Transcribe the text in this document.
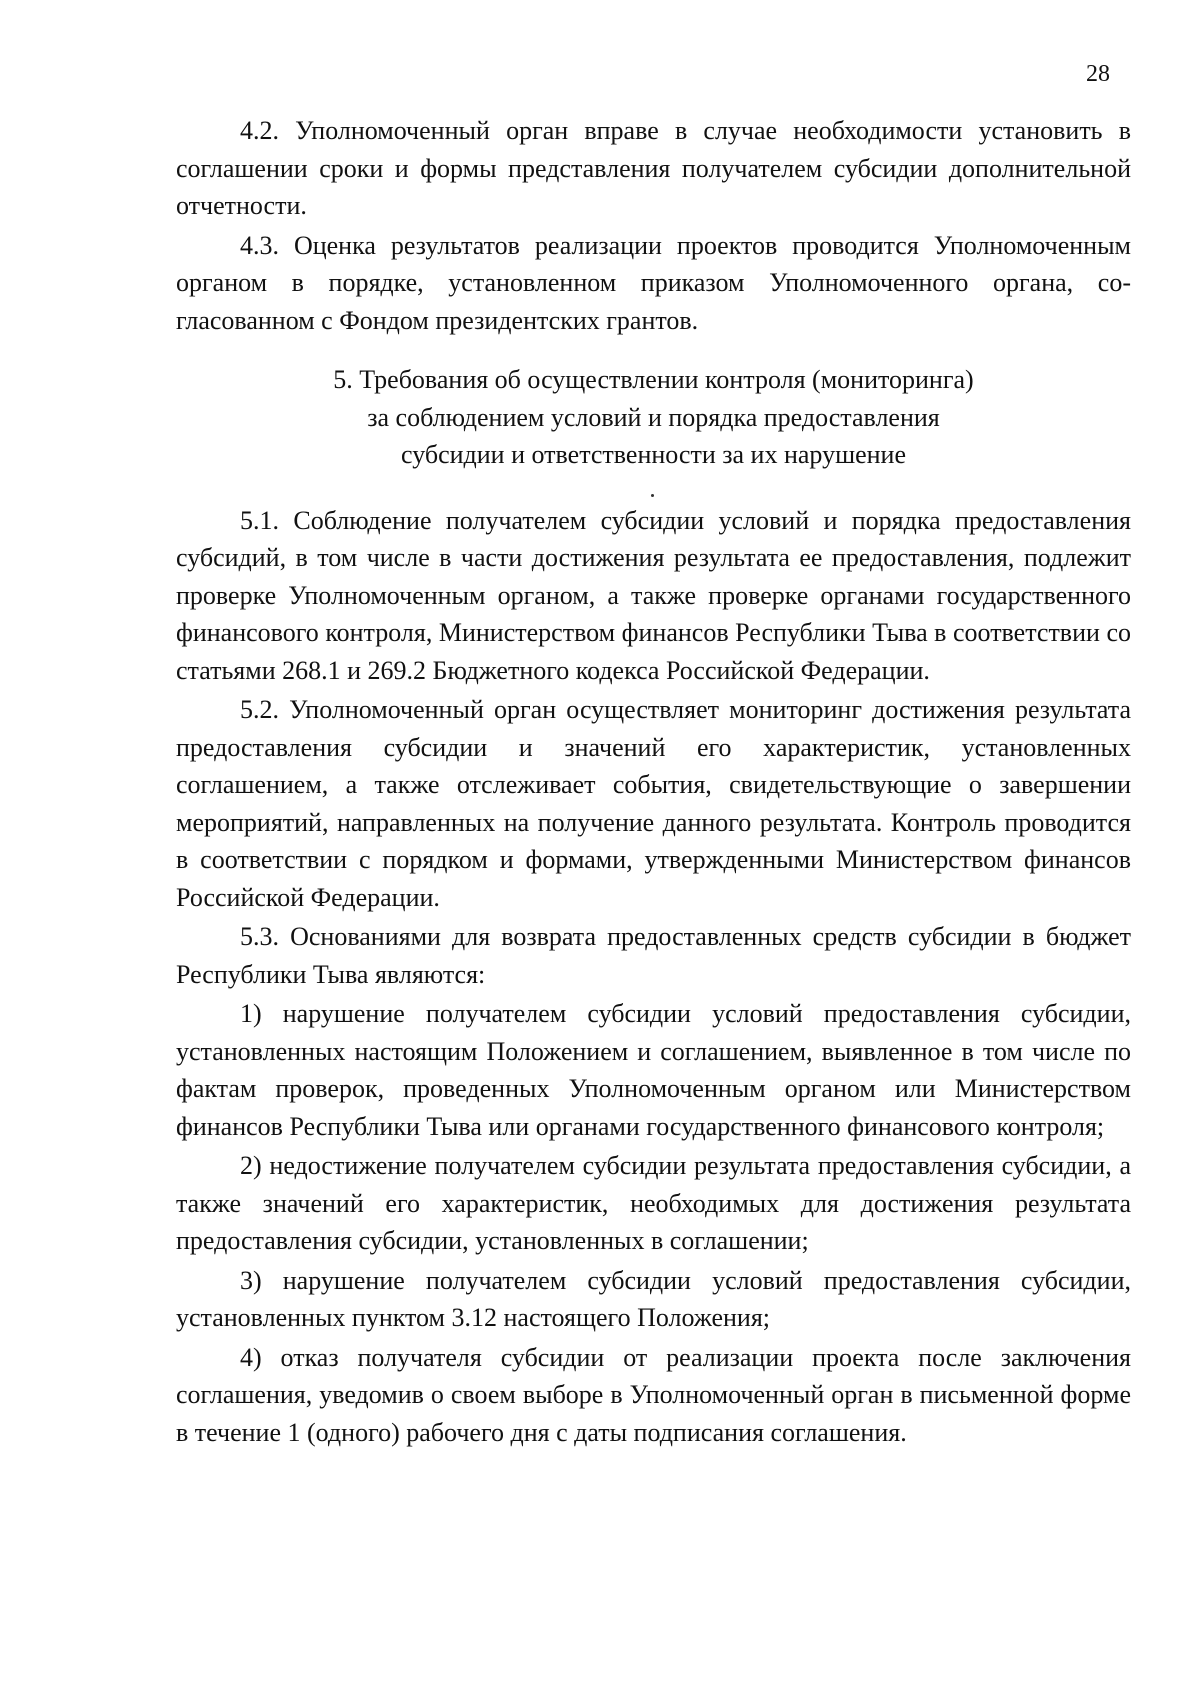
28

4.2. Уполномоченный орган вправе в случае необходимости установить в соглашении сроки и формы представления получателем субсидии дополнительной отчетности.

4.3. Оценка результатов реализации проектов проводится Уполномоченным органом в порядке, установленном приказом Уполномоченного органа, согласованном с Фондом президентских грантов.

5. Требования об осуществлении контроля (мониторинга)
за соблюдением условий и порядка предоставления
субсидии и ответственности за их нарушение

5.1. Соблюдение получателем субсидии условий и порядка предоставления субсидий, в том числе в части достижения результата ее предоставления, подлежит проверке Уполномоченным органом, а также проверке органами государственного финансового контроля, Министерством финансов Республики Тыва в соответствии со статьями 268.1 и 269.2 Бюджетного кодекса Российской Федерации.

5.2. Уполномоченный орган осуществляет мониторинг достижения результата предоставления субсидии и значений его характеристик, установленных соглашением, а также отслеживает события, свидетельствующие о завершении мероприятий, направленных на получение данного результата. Контроль проводится в соответствии с порядком и формами, утвержденными Министерством финансов Российской Федерации.

5.3. Основаниями для возврата предоставленных средств субсидии в бюджет Республики Тыва являются:

1) нарушение получателем субсидии условий предоставления субсидии, установленных настоящим Положением и соглашением, выявленное в том числе по фактам проверок, проведенных Уполномоченным органом или Министерством финансов Республики Тыва или органами государственного финансового контроля;

2) недостижение получателем субсидии результата предоставления субсидии, а также значений его характеристик, необходимых для достижения результата предоставления субсидии, установленных в соглашении;

3) нарушение получателем субсидии условий предоставления субсидии, установленных пунктом 3.12 настоящего Положения;

4) отказ получателя субсидии от реализации проекта после заключения соглашения, уведомив о своем выборе в Уполномоченный орган в письменной форме в течение 1 (одного) рабочего дня с даты подписания соглашения.
